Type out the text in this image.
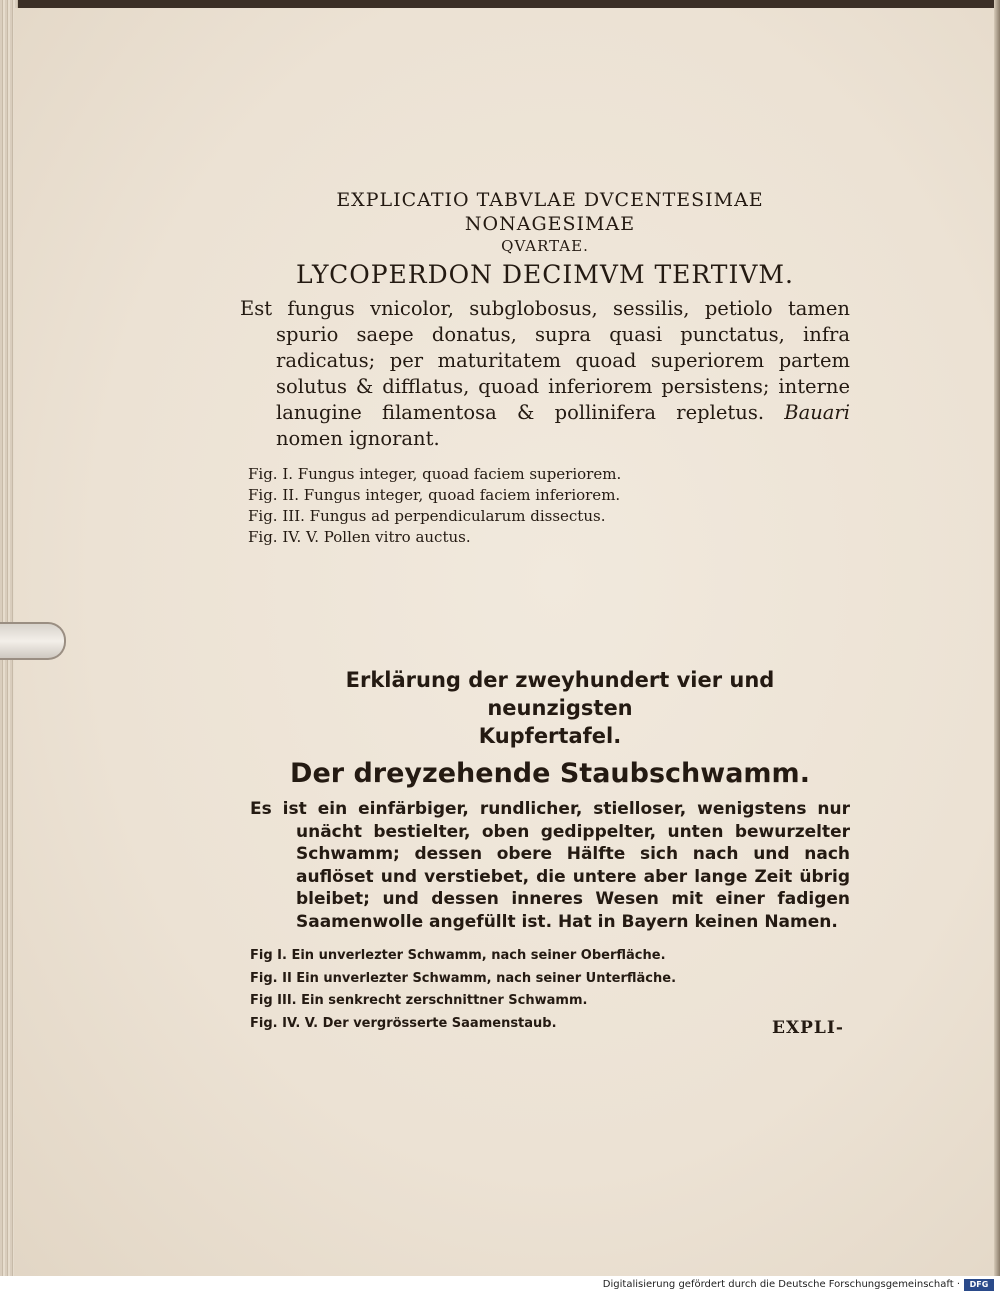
EXPLICATIO TABVLAE DVCENTESIMAE NONAGESIMAE
QVARTAE.
LYCOPERDON DECIMVM TERTIVM.
Est fungus vnicolor, subglobosus, sessilis, petiolo tamen spurio saepe donatus, supra quasi punctatus, infra radicatus; per maturitatem quoad superiorem partem solutus & difflatus, quoad inferiorem persistens; interne lanugine filamentosa & pollinifera repletus. Bauari nomen ignorant.
Fig. I. Fungus integer, quoad faciem superiorem.
Fig. II. Fungus integer, quoad faciem inferiorem.
Fig. III. Fungus ad perpendicularum dissectus.
Fig. IV. V. Pollen vitro auctus.
Erklärung der zweyhundert vier und neunzigsten
Kupfertafel.
Der dreyzehende Staubschwamm.
Es ist ein einfärbiger, rundlicher, stielloser, wenigstens nur unächt bestielter, oben gedippelter, unten bewurzelter Schwamm; dessen obere Hälfte sich nach und nach auflöset und verstiebet, die untere aber lange Zeit übrig bleibet; und dessen inneres Wesen mit einer fadigen Saamenwolle angefüllt ist. Hat in Bayern keinen Namen.
Fig I. Ein unverlezter Schwamm, nach seiner Oberfläche.
Fig. II Ein unverlezter Schwamm, nach seiner Unterfläche.
Fig III. Ein senkrecht zerschnittner Schwamm.
Fig. IV. V. Der vergrösserte Saamenstaub.	EXPLI-
Digitalisierung gefördert durch die Deutsche Forschungsgemeinschaft ·	DFG
